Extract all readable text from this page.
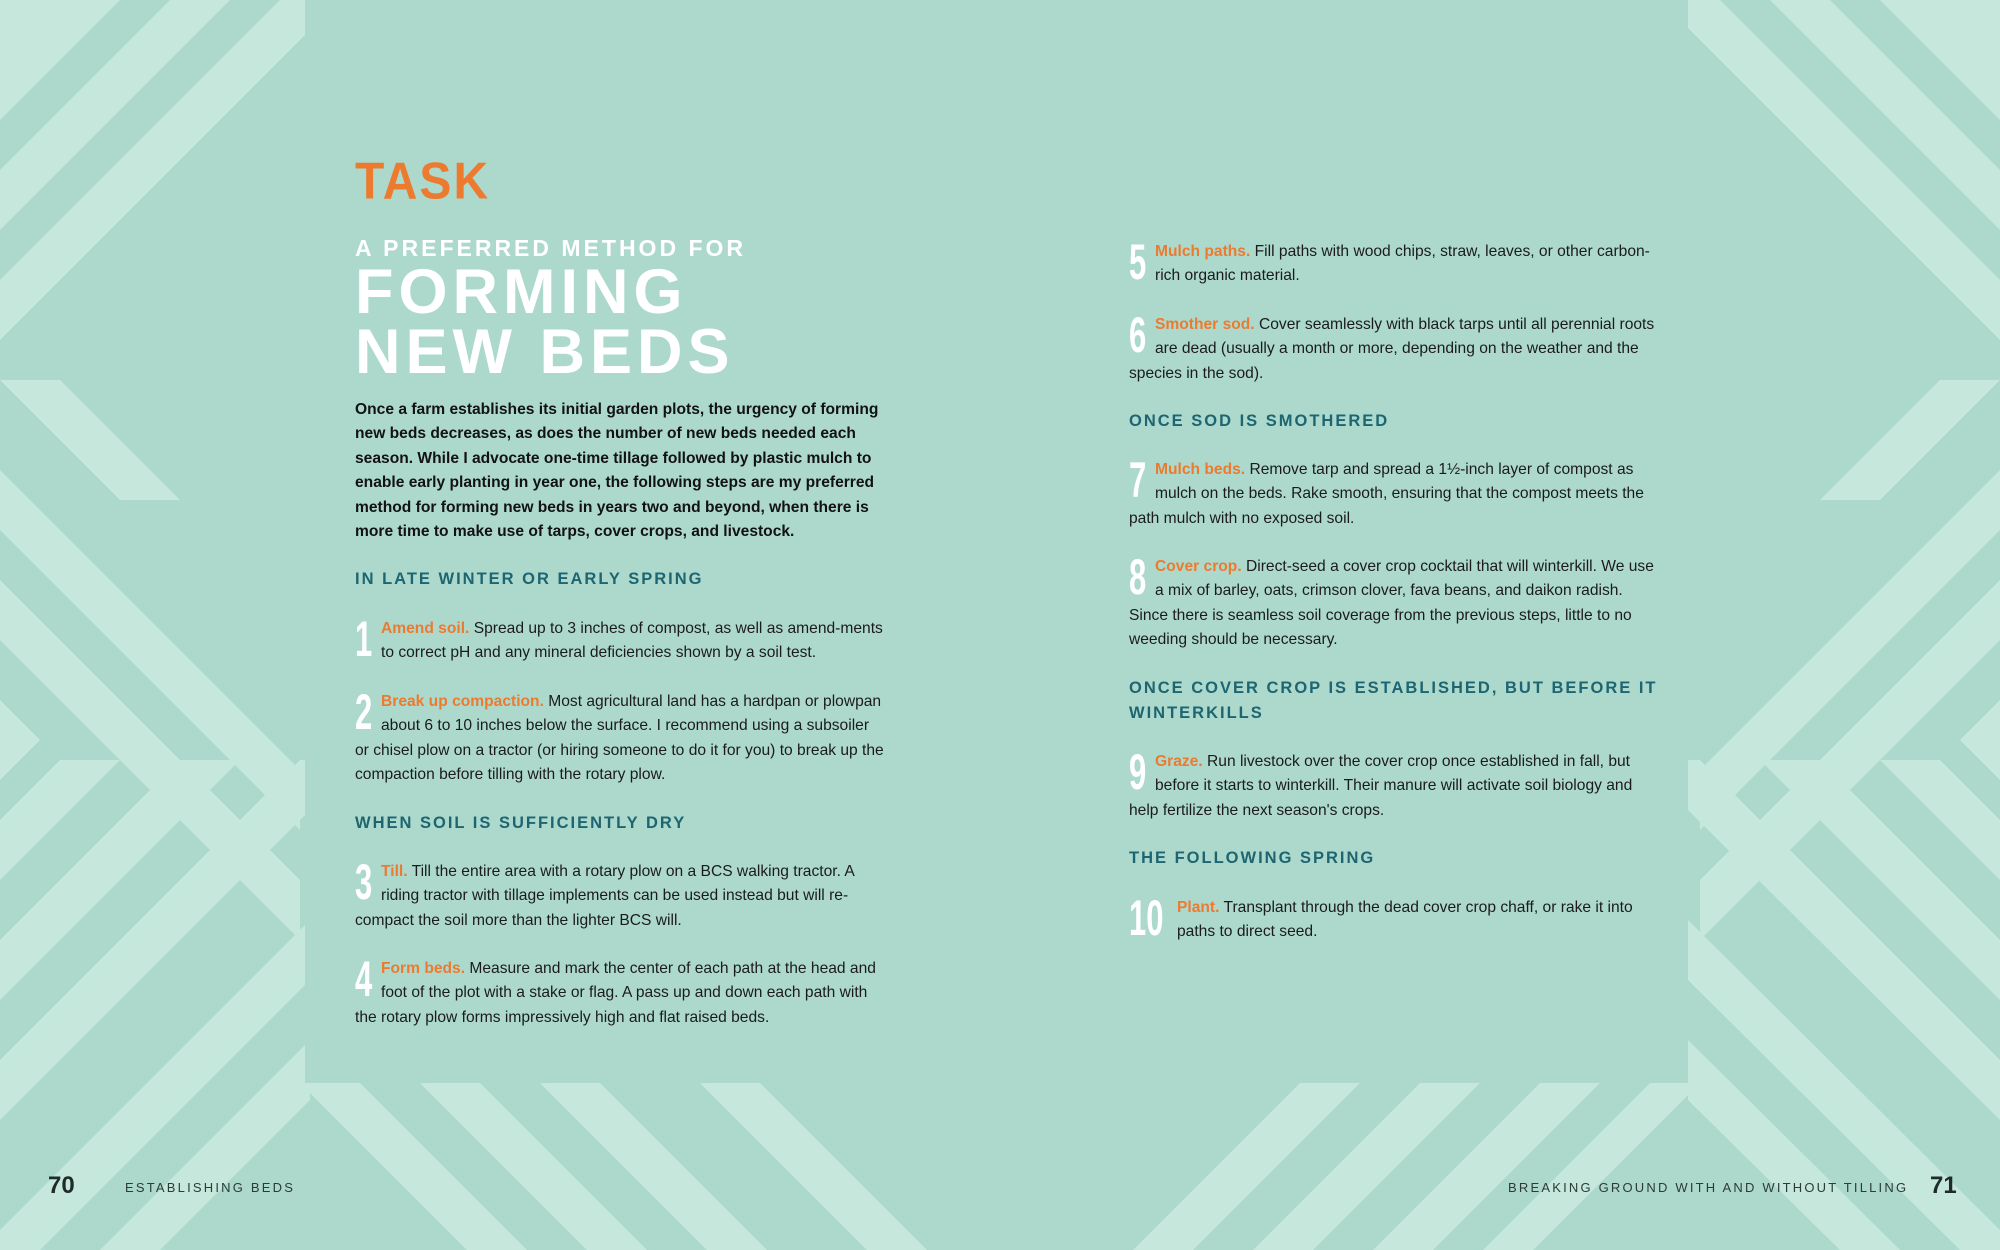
TASK
A PREFERRED METHOD FOR
FORMING
NEW BEDS
Once a farm establishes its initial garden plots, the urgency of forming new beds decreases, as does the number of new beds needed each season. While I advocate one-time tillage followed by plastic mulch to enable early planting in year one, the following steps are my preferred method for forming new beds in years two and beyond, when there is more time to make use of tarps, cover crops, and livestock.
IN LATE WINTER OR EARLY SPRING
1 Amend soil. Spread up to 3 inches of compost, as well as amend-ments to correct pH and any mineral deficiencies shown by a soil test.
2 Break up compaction. Most agricultural land has a hardpan or plowpan about 6 to 10 inches below the surface. I recommend using a subsoiler or chisel plow on a tractor (or hiring someone to do it for you) to break up the compaction before tilling with the rotary plow.
WHEN SOIL IS SUFFICIENTLY DRY
3 Till. Till the entire area with a rotary plow on a BCS walking tractor. A riding tractor with tillage implements can be used instead but will re-compact the soil more than the lighter BCS will.
4 Form beds. Measure and mark the center of each path at the head and foot of the plot with a stake or flag. A pass up and down each path with the rotary plow forms impressively high and flat raised beds.
5 Mulch paths. Fill paths with wood chips, straw, leaves, or other carbon-rich organic material.
6 Smother sod. Cover seamlessly with black tarps until all perennial roots are dead (usually a month or more, depending on the weather and the species in the sod).
ONCE SOD IS SMOTHERED
7 Mulch beds. Remove tarp and spread a 1½-inch layer of compost as mulch on the beds. Rake smooth, ensuring that the compost meets the path mulch with no exposed soil.
8 Cover crop. Direct-seed a cover crop cocktail that will winterkill. We use a mix of barley, oats, crimson clover, fava beans, and daikon radish. Since there is seamless soil coverage from the previous steps, little to no weeding should be necessary.
ONCE COVER CROP IS ESTABLISHED, BUT BEFORE IT WINTERKILLS
9 Graze. Run livestock over the cover crop once established in fall, but before it starts to winterkill. Their manure will activate soil biology and help fertilize the next season's crops.
THE FOLLOWING SPRING
10 Plant. Transplant through the dead cover crop chaff, or rake it into paths to direct seed.
70	ESTABLISHING BEDS	BREAKING GROUND WITH AND WITHOUT TILLING 71
